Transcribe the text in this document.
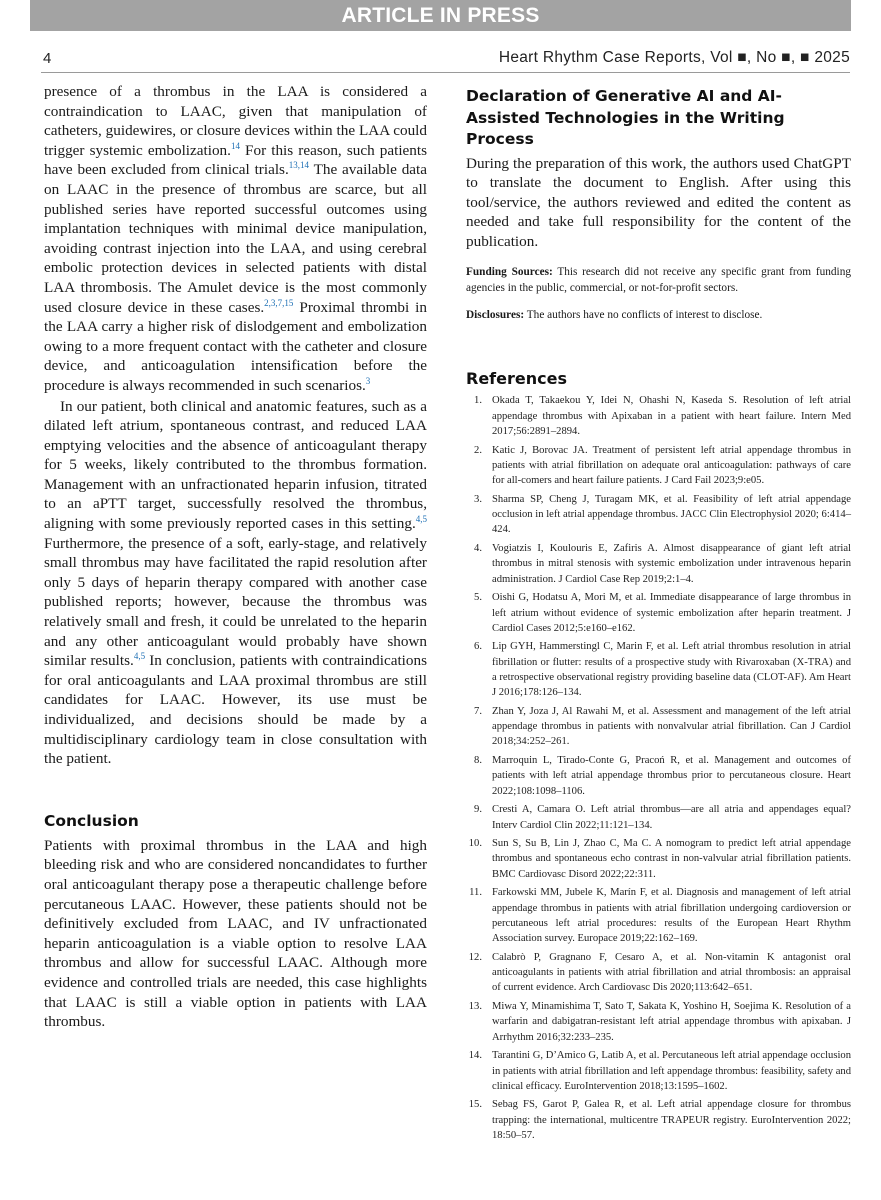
ARTICLE IN PRESS
4	Heart Rhythm Case Reports, Vol ■, No ■, ■ 2025

presence of a thrombus in the LAA is considered a contraindication to LAAC, given that manipulation of catheters, guidewires, or closure devices within the LAA could trigger systemic embolization.$^{14}$ For this reason, such patients have been excluded from clinical trials.$^{13,14}$ The available data on LAAC in the presence of thrombus are scarce, but all published series have reported successful outcomes using implantation techniques with minimal device manipulation, avoiding contrast injection into the LAA, and using cerebral embolic protection devices in selected patients with distal LAA thrombosis. The Amulet device is the most commonly used closure device in these cases.$^{2,3,7,15}$ Proximal thrombi in the LAA carry a higher risk of dislodgement and embolization owing to a more frequent contact with the catheter and closure device, and anticoagulation intensification before the procedure is always recommended in such scenarios.$^3$

In our patient, both clinical and anatomic features, such as a dilated left atrium, spontaneous contrast, and reduced LAA emptying velocities and the absence of anticoagulant therapy for 5 weeks, likely contributed to the thrombus formation. Management with an unfractionated heparin infusion, titrated to an aPTT target, successfully resolved the thrombus, aligning with some previously reported cases in this setting.$^{4,5}$ Furthermore, the presence of a soft, early-stage, and relatively small thrombus may have facilitated the rapid resolution after only 5 days of heparin therapy compared with another case published reports; however, because the thrombus was relatively small and fresh, it could be unrelated to the heparin and any other anticoagulant would probably have shown similar results.$^{4,5}$ In conclusion, patients with contraindications for oral anticoagulants and LAA proximal thrombus are still candidates for LAAC. However, its use must be individualized, and decisions should be made by a multidisciplinary cardiology team in close consultation with the patient.

Conclusion

Patients with proximal thrombus in the LAA and high bleeding risk and who are considered noncandidates to further oral anticoagulant therapy pose a therapeutic challenge before percutaneous LAAC. However, these patients should not be definitively excluded from LAAC, and IV unfractionated heparin anticoagulation is a viable option to resolve LAA thrombus and allow for successful LAAC. Although more evidence and controlled trials are needed, this case highlights that LAAC is still a viable option in patients with LAA thrombus.

Declaration of Generative AI and AI-Assisted Technologies in the Writing Process

During the preparation of this work, the authors used ChatGPT to translate the document to English. After using this tool/service, the authors reviewed and edited the content as needed and take full responsibility for the content of the publication.

Funding Sources: This research did not receive any specific grant from funding agencies in the public, commercial, or not-for-profit sectors.

Disclosures: The authors have no conflicts of interest to disclose.

References
1. Okada T, Takaekou Y, Idei N, Ohashi N, Kaseda S. Resolution of left atrial appendage thrombus with Apixaban in a patient with heart failure. Intern Med 2017;56:2891–2894.
2. Katic J, Borovac JA. Treatment of persistent left atrial appendage thrombus in patients with atrial fibrillation on adequate oral anticoagulation: pathways of care for all-comers and heart failure patients. J Card Fail 2023;9:e05.
3. Sharma SP, Cheng J, Turagam MK, et al. Feasibility of left atrial appendage occlusion in left atrial appendage thrombus. JACC Clin Electrophysiol 2020; 6:414–424.
4. Vogiatzis I, Koulouris E, Zafiris A. Almost disappearance of giant left atrial thrombus in mitral stenosis with systemic embolization under intravenous heparin administration. J Cardiol Case Rep 2019;2:1–4.
5. Oishi G, Hodatsu A, Mori M, et al. Immediate disappearance of large thrombus in left atrium without evidence of systemic embolization after heparin treatment. J Cardiol Cases 2012;5:e160–e162.
6. Lip GYH, Hammerstingl C, Marin F, et al. Left atrial thrombus resolution in atrial fibrillation or flutter: results of a prospective study with Rivaroxaban (X-TRA) and a retrospective observational registry providing baseline data (CLOT-AF). Am Heart J 2016;178:126–134.
7. Zhan Y, Joza J, Al Rawahi M, et al. Assessment and management of the left atrial appendage thrombus in patients with nonvalvular atrial fibrillation. Can J Cardiol 2018;34:252–261.
8. Marroquin L, Tirado-Conte G, Pracoń R, et al. Management and outcomes of patients with left atrial appendage thrombus prior to percutaneous closure. Heart 2022;108:1098–1106.
9. Cresti A, Camara O. Left atrial thrombus—are all atria and appendages equal? Interv Cardiol Clin 2022;11:121–134.
10. Sun S, Su B, Lin J, Zhao C, Ma C. A nomogram to predict left atrial appendage thrombus and spontaneous echo contrast in non-valvular atrial fibrillation patients. BMC Cardiovasc Disord 2022;22:311.
11. Farkowski MM, Jubele K, Marín F, et al. Diagnosis and management of left atrial appendage thrombus in patients with atrial fibrillation undergoing cardioversion or percutaneous left atrial procedures: results of the European Heart Rhythm Association survey. Europace 2019;22:162–169.
12. Calabrò P, Gragnano F, Cesaro A, et al. Non-vitamin K antagonist oral anticoagulants in patients with atrial fibrillation and atrial thrombosis: an appraisal of current evidence. Arch Cardiovasc Dis 2020;113:642–651.
13. Miwa Y, Minamishima T, Sato T, Sakata K, Yoshino H, Soejima K. Resolution of a warfarin and dabigatran-resistant left atrial appendage thrombus with apixaban. J Arrhythm 2016;32:233–235.
14. Tarantini G, D’Amico G, Latib A, et al. Percutaneous left atrial appendage occlusion in patients with atrial fibrillation and left appendage thrombus: feasibility, safety and clinical efficacy. EuroIntervention 2018;13:1595–1602.
15. Sebag FS, Garot P, Galea R, et al. Left atrial appendage closure for thrombus trapping: the international, multicentre TRAPEUR registry. EuroIntervention 2022; 18:50–57.
